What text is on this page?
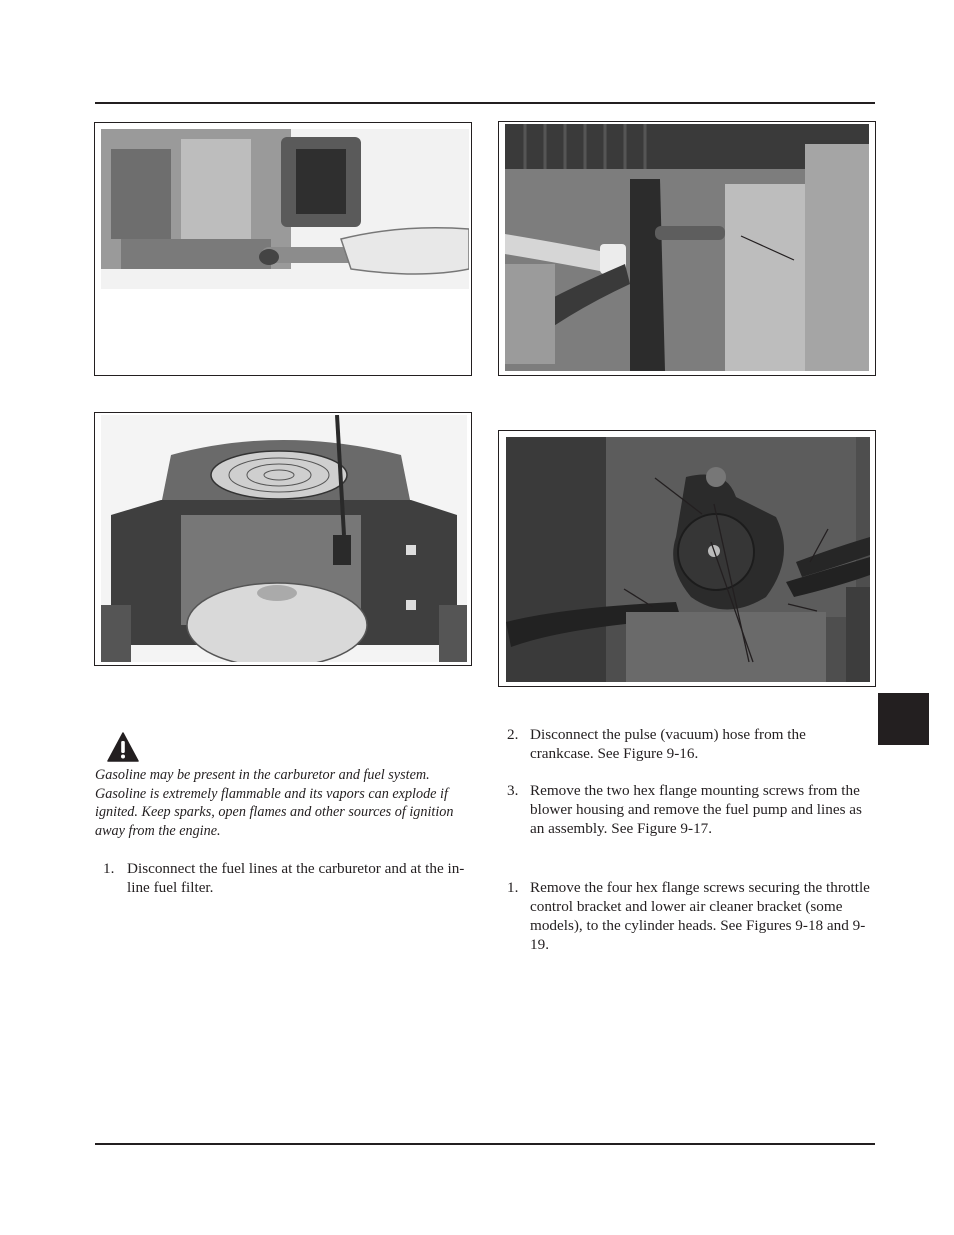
Gasoline may be present in the carburetor and fuel system. Gasoline is extremely flammable and its vapors can explode if ignited. Keep sparks, open flames and other sources of ignition away from the engine.

1. Disconnect the fuel lines at the carburetor and at the in-line fuel filter.
2. Disconnect the pulse (vacuum) hose from the crankcase. See Figure 9-16.
3. Remove the two hex flange mounting screws from the blower housing and remove the fuel pump and lines as an assembly. See Figure 9-17.
1. Remove the four hex flange screws securing the throttle control bracket and lower air cleaner bracket (some models), to the cylinder heads. See Figures 9-18 and 9-19.
